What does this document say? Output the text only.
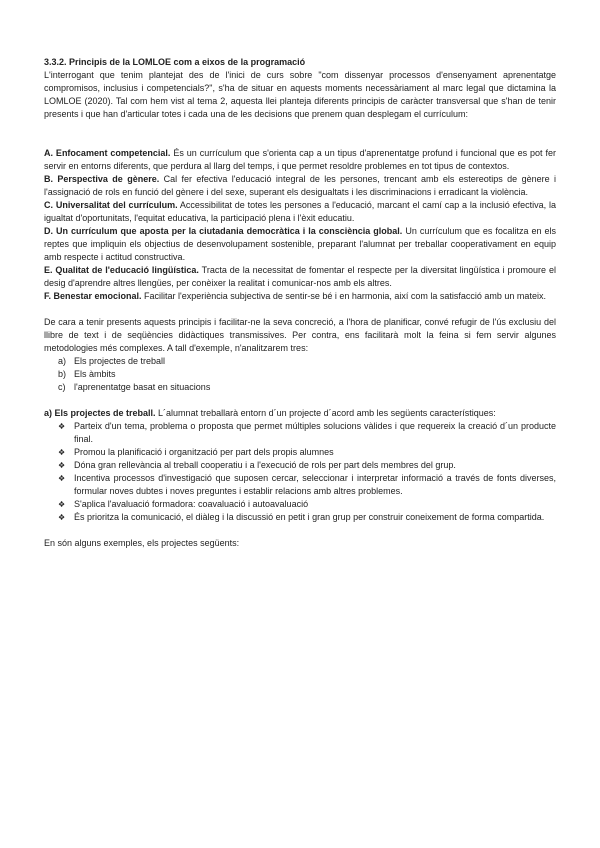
3.3.2. Principis de la LOMLOE com a eixos de la programació

L'interrogant que tenim plantejat des de l'inici de curs sobre "com dissenyar processos d'ensenyament aprenentatge compromisos, inclusius i competencials?", s'ha de situar en aquests moments necessàriament al marc legal que dictamina la LOMLOE (2020). Tal com hem vist al tema 2, aquesta llei planteja diferents principis de caràcter transversal que s'han de tenir presents i que han d'articular totes i cada una de les decisions que prenem quan desplegam el currículum:

A. Enfocament competencial. És un currículum que s'orienta cap a un tipus d'aprenentatge profund i funcional que es pot fer servir en entorns diferents, que perdura al llarg del temps, i que permet resoldre problemes en tot tipus de contextos.

B. Perspectiva de gènere. Cal fer efectiva l'educació integral de les persones, trencant amb els estereotips de gènere i l'assignació de rols en funció del gènere i del sexe, superant els desigualtats i les discriminacions i erradicant la violència.

C. Universalitat del currículum. Accessibilitat de totes les persones a l'educació, marcant el camí cap a la inclusió efectiva, la igualtat d'oportunitats, l'equitat educativa, la participació plena i l'èxit educatiu.

D. Un currículum que aposta per la ciutadania democràtica i la consciència global. Un currículum que es focalitza en els reptes que impliquin els objectius de desenvolupament sostenible, preparant l'alumnat per treballar cooperativament en equip amb respecte i actitud constructiva.

E. Qualitat de l'educació lingüística. Tracta de la necessitat de fomentar el respecte per la diversitat lingüística i promoure el desig d'aprendre altres llengües, per conèixer la realitat i comunicar-nos amb els altres.

F. Benestar emocional. Facilitar l'experiència subjectiva de sentir-se bé i en harmonia, així com la satisfacció amb un mateix.

De cara a tenir presents aquests principis i facilitar-ne la seva concreció, a l'hora de planificar, convé refugir de l'ús exclusiu del llibre de text i de seqüències didàctiques transmissives. Per contra, ens facilitarà molt la feina si fem servir algunes metodologies més complexes. A tall d'exemple, n'analitzarem tres:

a) Els projectes de treball
b) Els àmbits
c) l'aprenentatge basat en situacions

a) Els projectes de treball. L´alumnat treballarà entorn d´un projecte d´acord amb les següents característiques:

❖ Parteix d'un tema, problema o proposta que permet múltiples solucions vàlides i que requereix la creació d´un producte final.
❖ Promou la planificació i organització per part dels propis alumnes
❖ Dóna gran rellevància al treball cooperatiu i a l'execució de rols per part dels membres del grup.
❖ Incentiva processos d'investigació que suposen cercar, seleccionar i interpretar informació a través de fonts diverses, formular noves dubtes i noves preguntes i establir relacions amb altres problemes.
❖ S'aplica l'avaluació formadora: coavaluació i autoavaluació
❖ És prioritza la comunicació, el diàleg i la discussió en petit i gran grup per construir coneixement de forma compartida.

En són alguns exemples, els projectes següents:
